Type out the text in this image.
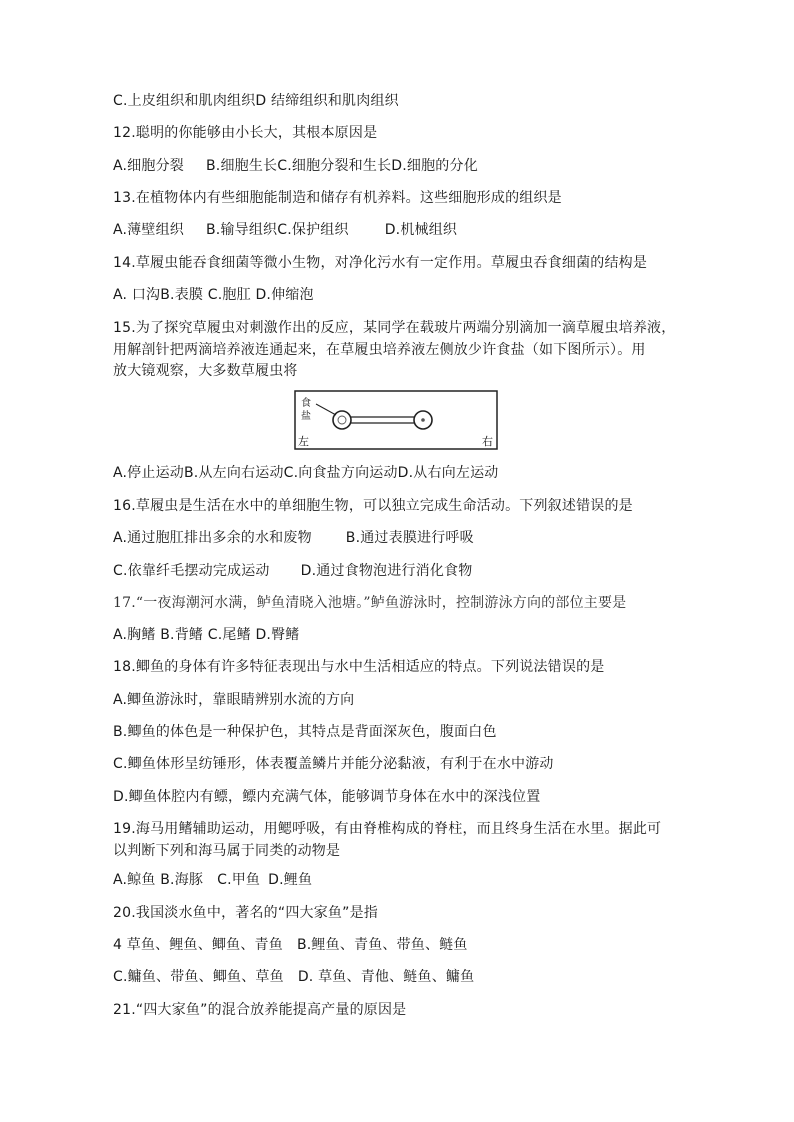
C.上皮组织和肌肉组织D 结缔组织和肌肉组织
12.聪明的你能够由小长大，其根本原因是
A.细胞分裂 B.细胞生长C.细胞分裂和生长D.细胞的分化
13.在植物体内有些细胞能制造和储存有机养料。这些细胞形成的组织是
A.薄壁组织 B.输导组织C.保护组织	D.机械组织
14.草履虫能吞食细菌等微小生物，对净化污水有一定作用。草履虫吞食细菌的结构是
A. 口沟B.表膜 C.胞肛 D.伸缩泡
15.为了探究草履虫对刺激作出的反应，某同学在载玻片两端分别滴加一滴草履虫培养液，
用解剖针把两滴培养液连通起来，在草履虫培养液左侧放少许食盐（如下图所示）。用
放大镜观察，大多数草履虫将
食
盐
左	右
A.停止运动B.从左向右运动C.向食盐方向运动D.从右向左运动
16.草履虫是生活在水中的单细胞生物，可以独立完成生命活动。下列叙述错误的是
A.通过胞肛排出多余的水和废物 B.通过表膜进行呼吸
C.依靠纤毛摆动完成运动 D.通过食物泡进行消化食物
17.“一夜海潮河水满，鲈鱼清晓入池塘。”鲈鱼游泳时，控制游泳方向的部位主要是
A.胸鳍 B.背鳍 C.尾鳍 D.臀鳍
18.鲫鱼的身体有许多特征表现出与水中生活相适应的特点。下列说法错误的是
A.鲫鱼游泳时，靠眼睛辨别水流的方向
B.鲫鱼的体色是一种保护色，其特点是背面深灰色，腹面白色
C.鲫鱼体形呈纺锤形，体表覆盖鳞片并能分泌黏液，有利于在水中游动
D.鲫鱼体腔内有鳔，鳔内充满气体，能够调节身体在水中的深浅位置
19.海马用鳍辅助运动，用鳃呼吸，有由脊椎构成的脊柱，而且终身生活在水里。据此可
以判断下列和海马属于同类的动物是
A.鲸鱼 B.海豚 C.甲鱼 D.鲤鱼
20.我国淡水鱼中，著名的“四大家鱼”是指
4 草鱼、鲤鱼、鲫鱼、青鱼 B.鲤鱼、青鱼、带鱼、鲢鱼
C.鳙鱼、带鱼、鲫鱼、草鱼 D. 草鱼、青他、鲢鱼、鳙鱼
21.“四大家鱼”的混合放养能提高产量的原因是
